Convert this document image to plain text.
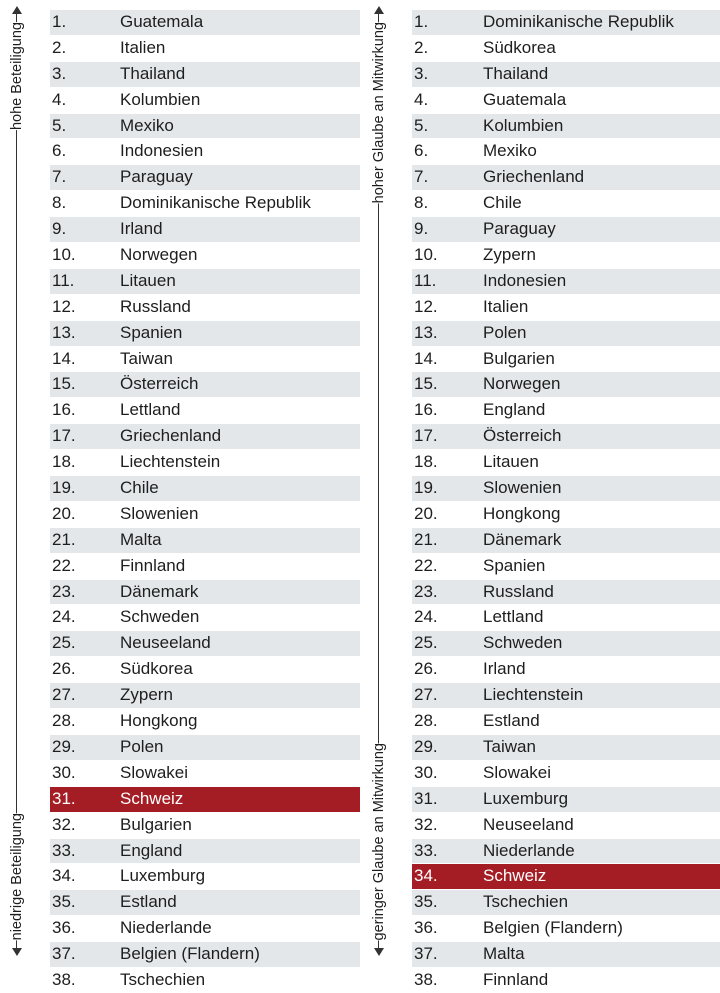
hohe Beteiligung
niedrige Beteiligung
1.	Guatemala
2.	Italien
3.	Thailand
4.	Kolumbien
5.	Mexiko
6.	Indonesien
7.	Paraguay
8.	Dominikanische Republik
9.	Irland
10.	Norwegen
11.	Litauen
12.	Russland
13.	Spanien
14.	Taiwan
15.	Österreich
16.	Lettland
17.	Griechenland
18.	Liechtenstein
19.	Chile
20.	Slowenien
21.	Malta
22.	Finnland
23.	Dänemark
24.	Schweden
25.	Neuseeland
26.	Südkorea
27.	Zypern
28.	Hongkong
29.	Polen
30.	Slowakei
31.	Schweiz
32.	Bulgarien
33.	England
34.	Luxemburg
35.	Estland
36.	Niederlande
37.	Belgien (Flandern)
38.	Tschechien
hoher Glaube an Mitwirkung
geringer Glaube an Mitwirkung
1.	Dominikanische Republik
2.	Südkorea
3.	Thailand
4.	Guatemala
5.	Kolumbien
6.	Mexiko
7.	Griechenland
8.	Chile
9.	Paraguay
10.	Zypern
11.	Indonesien
12.	Italien
13.	Polen
14.	Bulgarien
15.	Norwegen
16.	England
17.	Österreich
18.	Litauen
19.	Slowenien
20.	Hongkong
21.	Dänemark
22.	Spanien
23.	Russland
24.	Lettland
25.	Schweden
26.	Irland
27.	Liechtenstein
28.	Estland
29.	Taiwan
30.	Slowakei
31.	Luxemburg
32.	Neuseeland
33.	Niederlande
34.	Schweiz
35.	Tschechien
36.	Belgien (Flandern)
37.	Malta
38.	Finnland
